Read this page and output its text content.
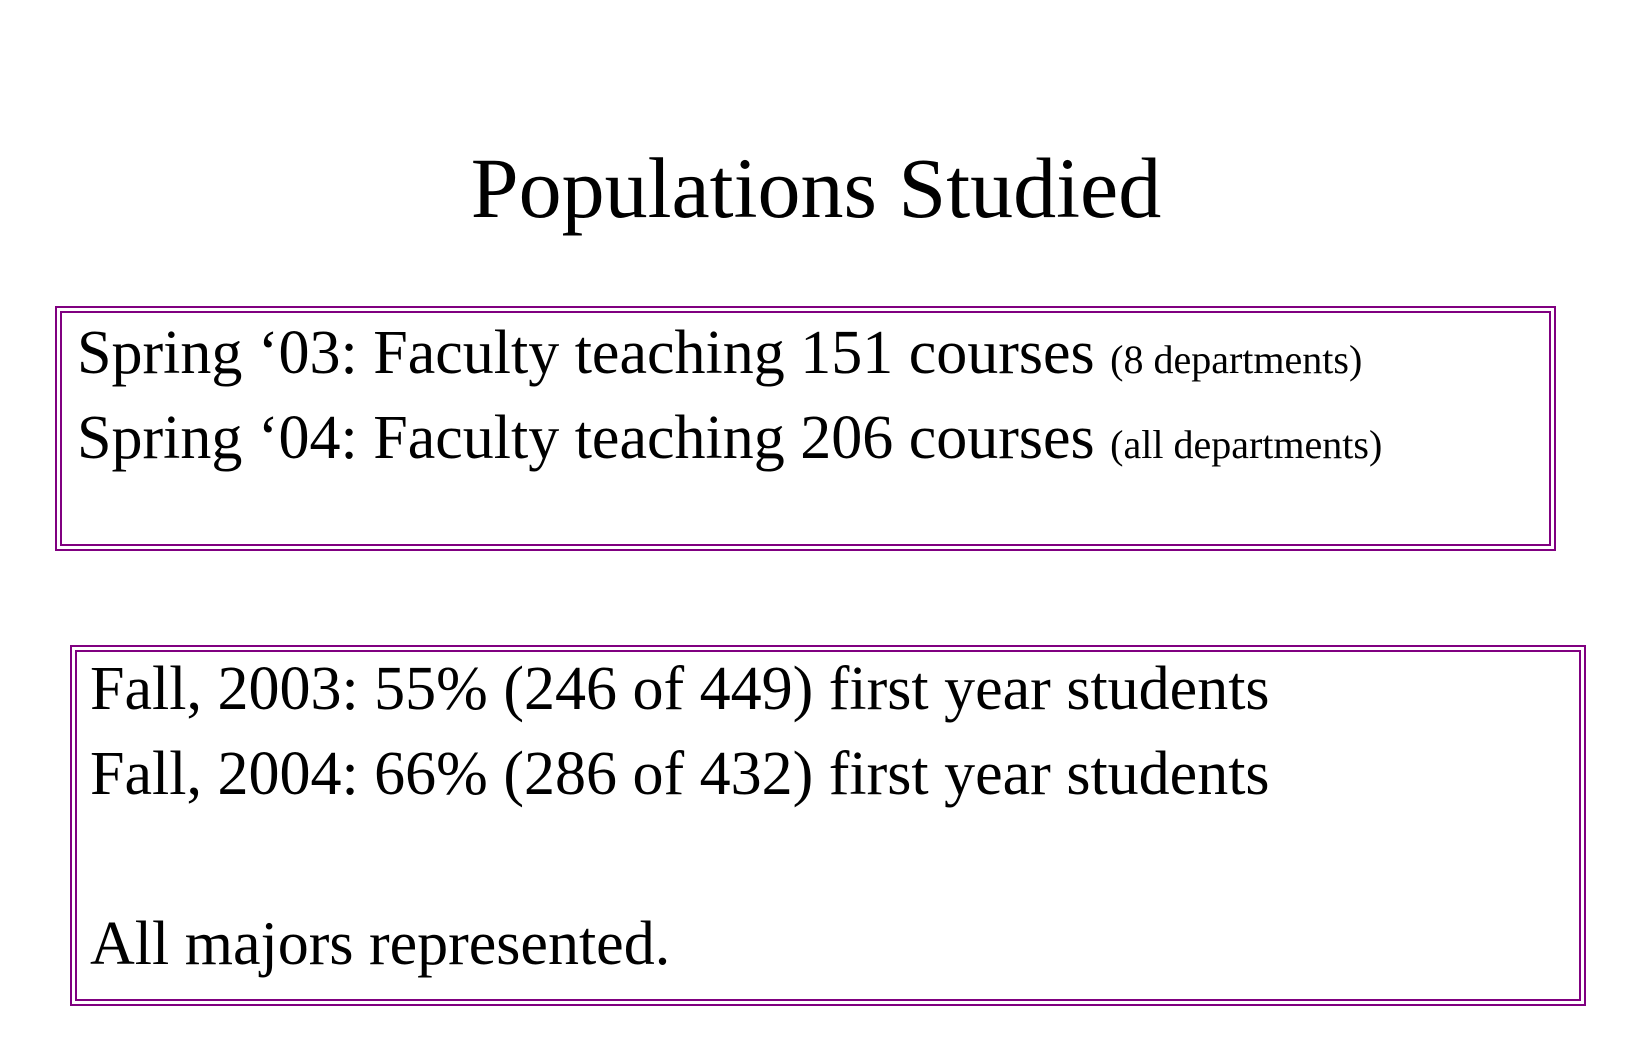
Populations Studied
Spring ‘03: Faculty teaching 151 courses (8 departments)
Spring ‘04: Faculty teaching 206 courses (all departments)
Fall, 2003: 55% (246 of 449) first year students
Fall, 2004: 66% (286 of 432) first year students
All majors represented.
